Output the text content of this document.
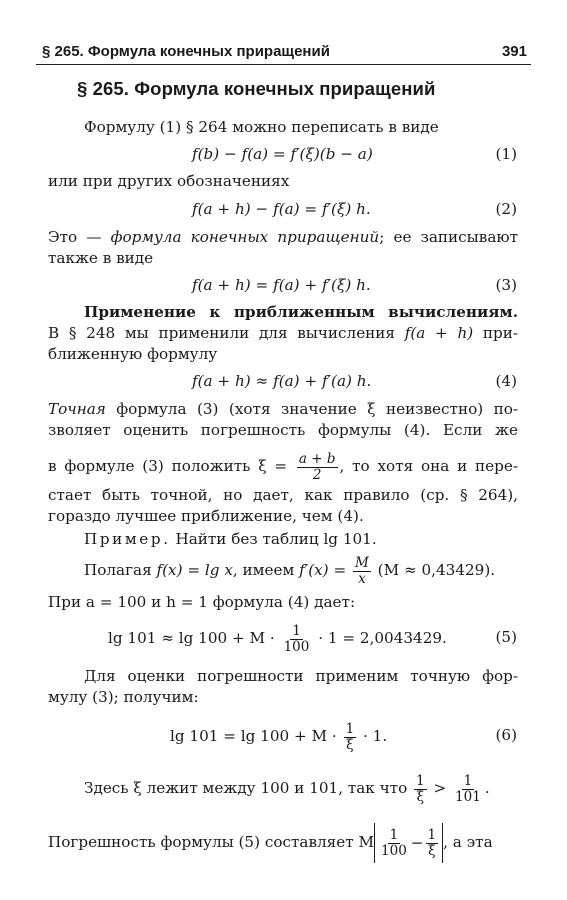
§ 265. Формула конечных приращений	391
§ 265. Формула конечных приращений
Формулу (1) § 264 можно переписать в виде
f(b) − f(a) = f′(ξ)(b − a)	(1)
или при других обозначениях
f(a + h) − f(a) = f′(ξ) h.	(2)
Это — формула конечных приращений; ее записывают
также в виде
f(a + h) = f(a) + f′(ξ) h.	(3)
Применение к приближенным вычислениям.
В § 248 мы применили для вычисления f(a + h) при-
ближенную формулу
f(a + h) ≈ f(a) + f′(a) h.	(4)
Точная формула (3) (хотя значение ξ неизвестно) по-
зволяет оценить погрешность формулы (4). Если же
в формуле (3) положить $\xi = \frac{a + b}{2}$ , то хотя она и пере-
стает быть точной, но дает, как правило (ср. § 264),
гораздо лучшее приближение, чем (4).
Пример. Найти без таблиц lg 101.
Полагая f(x) = lg x, имеем $f'(x) = \frac{M}{x} (M \approx 0,43429)$.
При a = 100 и h = 1 формула (4) дает:
$\lg 101 \approx \lg 100 + M \cdot \frac{1}{100} \cdot 1 = 2,0043429$.	(5)
Для оценки погрешности применим точную фор-
мулу (3); получим:
$\lg 101 = \lg 100 + M \cdot \frac{1}{\xi} \cdot 1$.	(6)
Здесь ξ лежит между 100 и 101, так что $\frac{1}{\xi} > \frac{1}{101}$ .
Погрешность формулы (5) составляет M $\frac{1}{100} - \frac{1}{\xi}$ , а эта
